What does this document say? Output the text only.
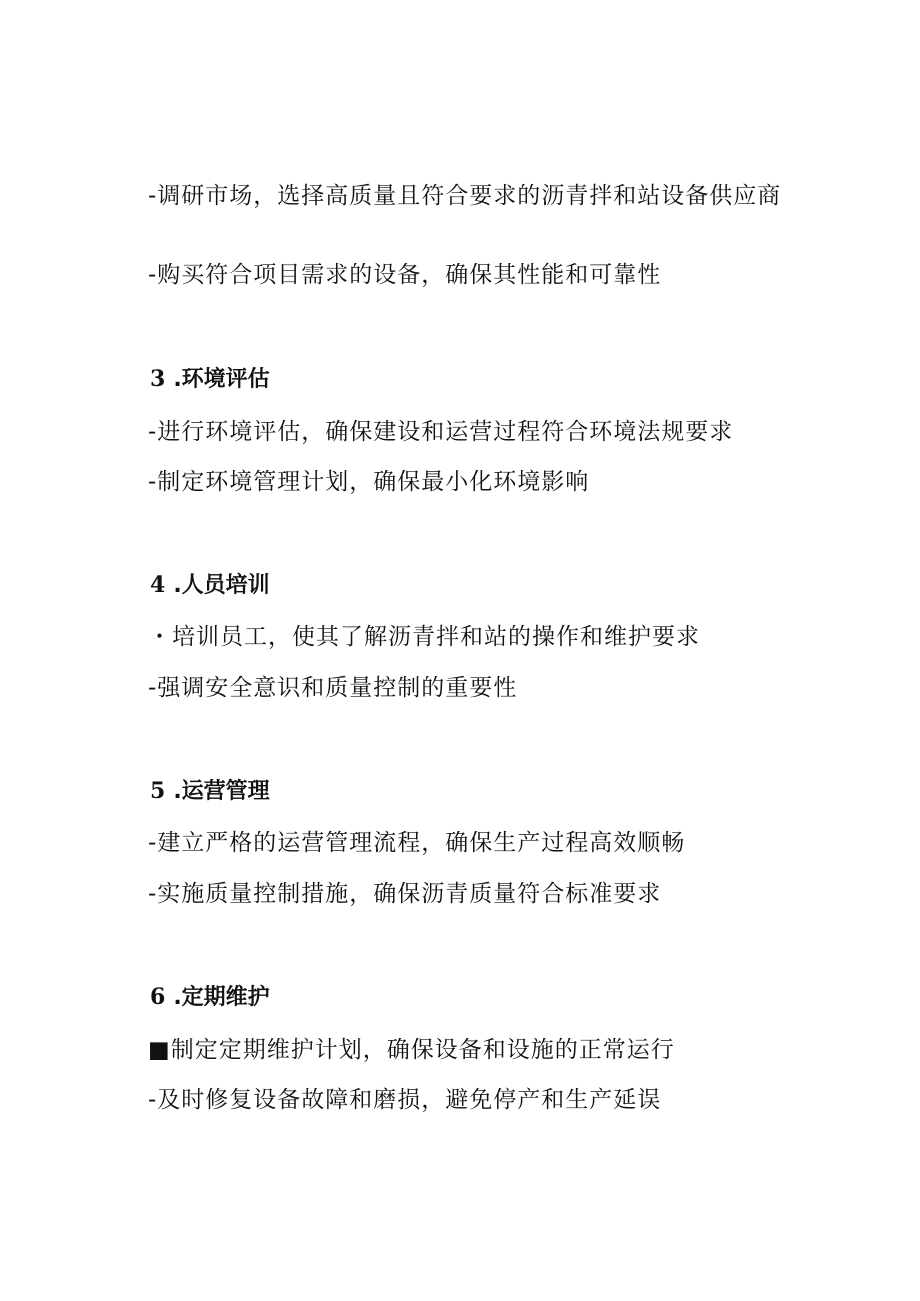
-调研市场，选择高质量且符合要求的沥青拌和站设备供应商
-购买符合项目需求的设备，确保其性能和可靠性
3 .环境评估
-进行环境评估，确保建设和运营过程符合环境法规要求
-制定环境管理计划，确保最小化环境影响
4 .人员培训
・培训员工，使其了解沥青拌和站的操作和维护要求
-强调安全意识和质量控制的重要性
5 .运营管理
-建立严格的运营管理流程，确保生产过程高效顺畅
-实施质量控制措施，确保沥青质量符合标准要求
6 .定期维护
■制定定期维护计划，确保设备和设施的正常运行
-及时修复设备故障和磨损，避免停产和生产延误
